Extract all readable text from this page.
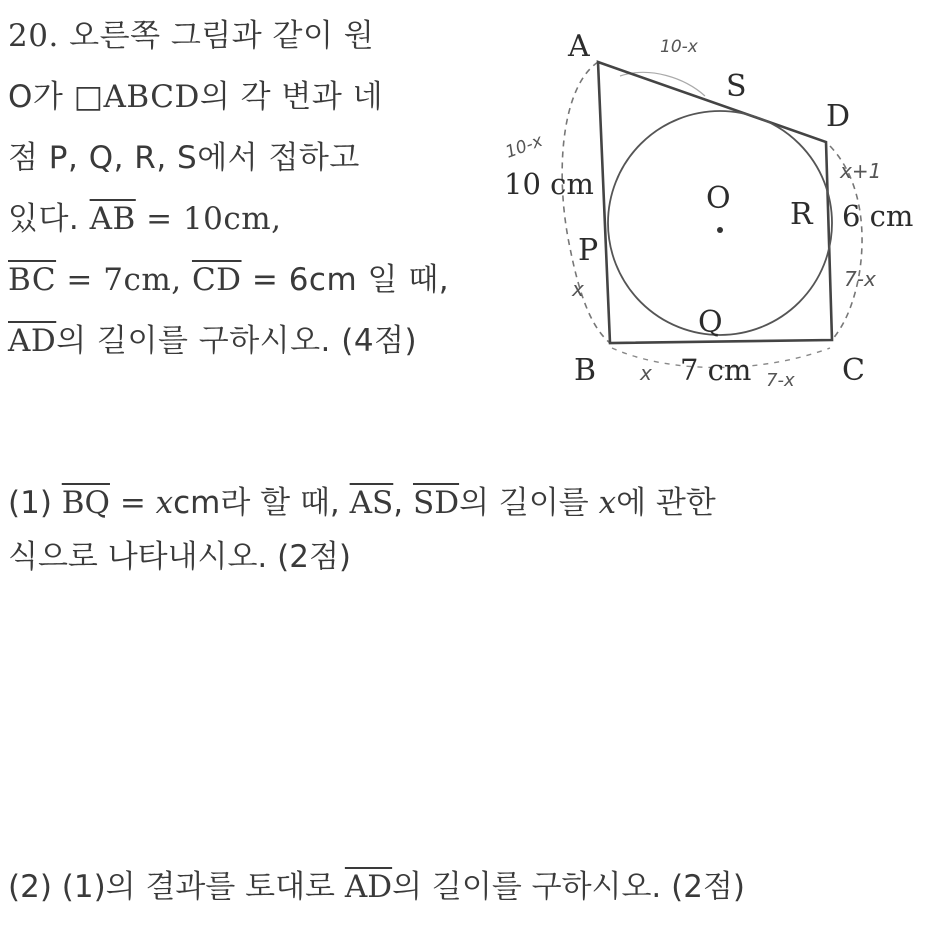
20. 오른쪽 그림과 같이 원
O가 □ABCD의 각 변과 네
점 P, Q, R, S에서 접하고
있다. $\overline{AB} = 10cm$,
$\overline{BC} = 7cm$, $\overline{CD} = 6cm$ 일 때,
$\overline{AD}$의 길이를 구하시오. (4점)
A
B	C
D
S
P
Q
R
O
10 cm
6 cm
7 cm
10-x
10-x
x+1
7-x
x
x	7-x
(1) $\overline{BQ}$ = xcm라 할 때, $\overline{AS}$, $\overline{SD}$의 길이를 x에 관한
식으로 나타내시오. (2점)
(2) (1)의 결과를 토대로 $\overline{AD}$의 길이를 구하시오. (2점)
